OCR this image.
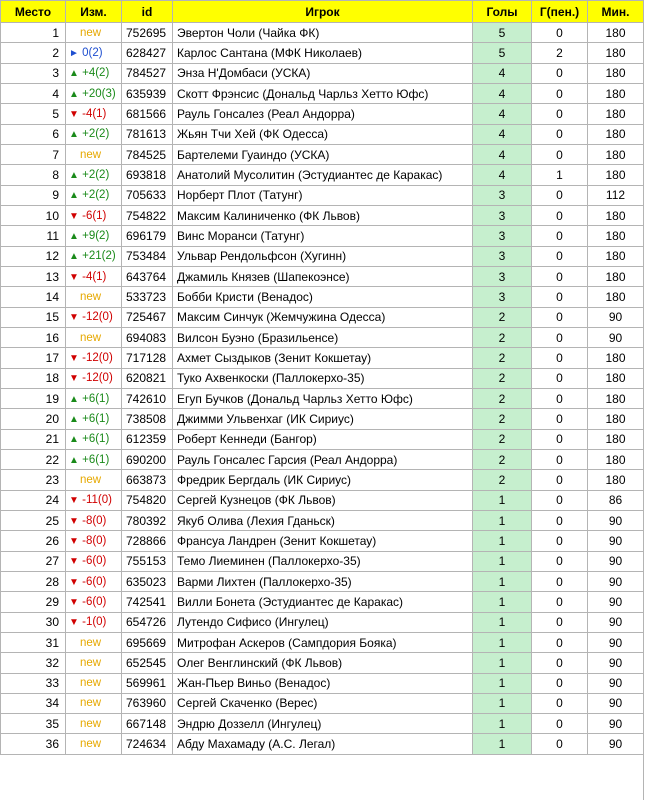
Место	Изм.	id	Игрок	Голы	Г(пен.)	Мин.
1	new	752695	Эвертон Чоли (Чайка ФК)	5	0	180
2	► 0(2)	628427	Карлос Сантана (МФК Николаев)	5	2	180
3	▲ +4(2)	784527	Энза Н'Домбаси (УСКА)	4	0	180
4	▲ +20(3)	635939	Скотт Фрэнсис (Дональд Чарльз Хетто Юфс)	4	0	180
5	▼ -4(1)	681566	Рауль Гонсалез (Реал Андорра)	4	0	180
6	▲ +2(2)	781613	Жьян Тчи Хей (ФК Одесса)	4	0	180
7	new	784525	Бартелеми Гуаиндо (УСКА)	4	0	180
8	▲ +2(2)	693818	Анатолий Мусолитин (Эстудиантес де Каракас)	4	1	180
9	▲ +2(2)	705633	Норберт Плот (Татунг)	3	0	112
10	▼ -6(1)	754822	Максим Калиниченко (ФК Львов)	3	0	180
11	▲ +9(2)	696179	Винс Моранси (Татунг)	3	0	180
12	▲ +21(2)	753484	Ульвар Рендольфсон (Хугинн)	3	0	180
13	▼ -4(1)	643764	Джамиль Князев (Шапекоэнсе)	3	0	180
14	new	533723	Бобби Кристи (Венадос)	3	0	180
15	▼ -12(0)	725467	Максим Синчук (Жемчужина Одесса)	2	0	90
16	new	694083	Вилсон Буэно (Бразильенсе)	2	0	90
17	▼ -12(0)	717128	Ахмет Сыздыков (Зенит Кокшетау)	2	0	180
18	▼ -12(0)	620821	Туко Ахвенкоски (Паллокерхо-35)	2	0	180
19	▲ +6(1)	742610	Егуп Бучков (Дональд Чарльз Хетто Юфс)	2	0	180
20	▲ +6(1)	738508	Джимми Ульвенхаг (ИК Сириус)	2	0	180
21	▲ +6(1)	612359	Роберт Кеннеди (Бангор)	2	0	180
22	▲ +6(1)	690200	Рауль Гонсалес Гарсия (Реал Андорра)	2	0	180
23	new	663873	Фредрик Бергдаль (ИК Сириус)	2	0	180
24	▼ -11(0)	754820	Сергей Кузнецов (ФК Львов)	1	0	86
25	▼ -8(0)	780392	Якуб Олива (Лехия Гданьск)	1	0	90
26	▼ -8(0)	728866	Франсуа Ландрен (Зенит Кокшетау)	1	0	90
27	▼ -6(0)	755153	Темо Лиеминен (Паллокерхо-35)	1	0	90
28	▼ -6(0)	635023	Варми Лихтен (Паллокерхо-35)	1	0	90
29	▼ -6(0)	742541	Вилли Бонета (Эстудиантес де Каракас)	1	0	90
30	▼ -1(0)	654726	Лутендо Сифисо (Ингулец)	1	0	90
31	new	695669	Митрофан Аскеров (Сампдория Бояка)	1	0	90
32	new	652545	Олег Венглинский (ФК Львов)	1	0	90
33	new	569961	Жан-Пьер Виньо (Венадос)	1	0	90
34	new	763960	Сергей Скаченко (Верес)	1	0	90
35	new	667148	Эндрю Доззелл (Ингулец)	1	0	90
36	new	724634	Абду Махамаду (А.С. Легал)	1	0	90
